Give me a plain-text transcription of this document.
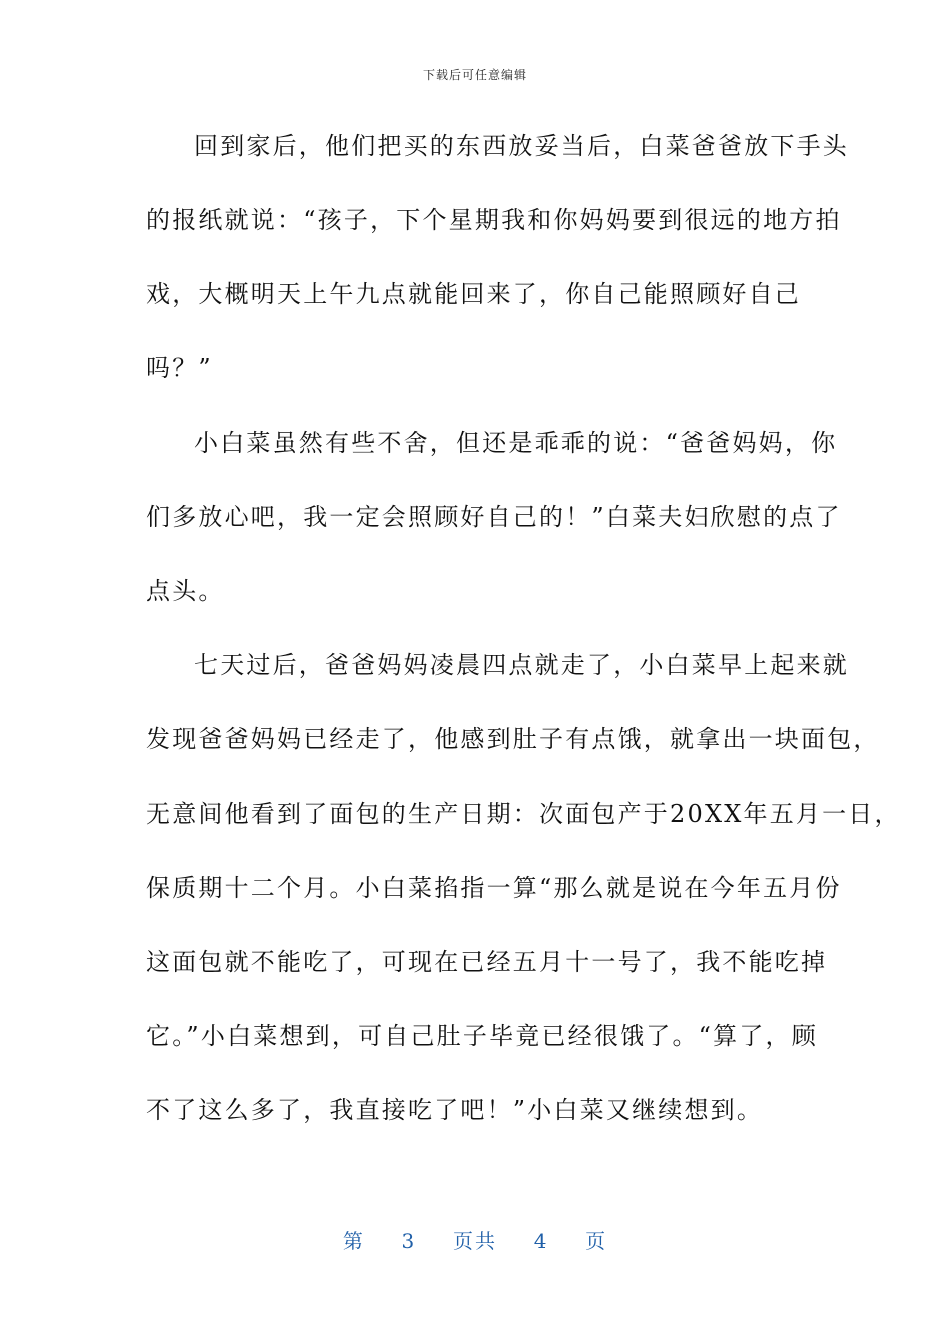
下载后可任意编辑
回到家后，他们把买的东西放妥当后，白菜爸爸放下手头
的报纸就说：“孩子，下个星期我和你妈妈要到很远的地方拍
戏，大概明天上午九点就能回来了，你自己能照顾好自己
吗？”
小白菜虽然有些不舍，但还是乖乖的说：“爸爸妈妈，你
们多放心吧，我一定会照顾好自己的！”白菜夫妇欣慰的点了
点头。
七天过后，爸爸妈妈凌晨四点就走了，小白菜早上起来就
发现爸爸妈妈已经走了，他感到肚子有点饿，就拿出一块面包，
无意间他看到了面包的生产日期：次面包产于20XX年五月一日，
保质期十二个月。小白菜掐指一算“那么就是说在今年五月份
这面包就不能吃了，可现在已经五月十一号了，我不能吃掉
它。”小白菜想到，可自己肚子毕竟已经很饿了。“算了，顾
不了这么多了，我直接吃了吧！”小白菜又继续想到。
第 3 页共 4 页
